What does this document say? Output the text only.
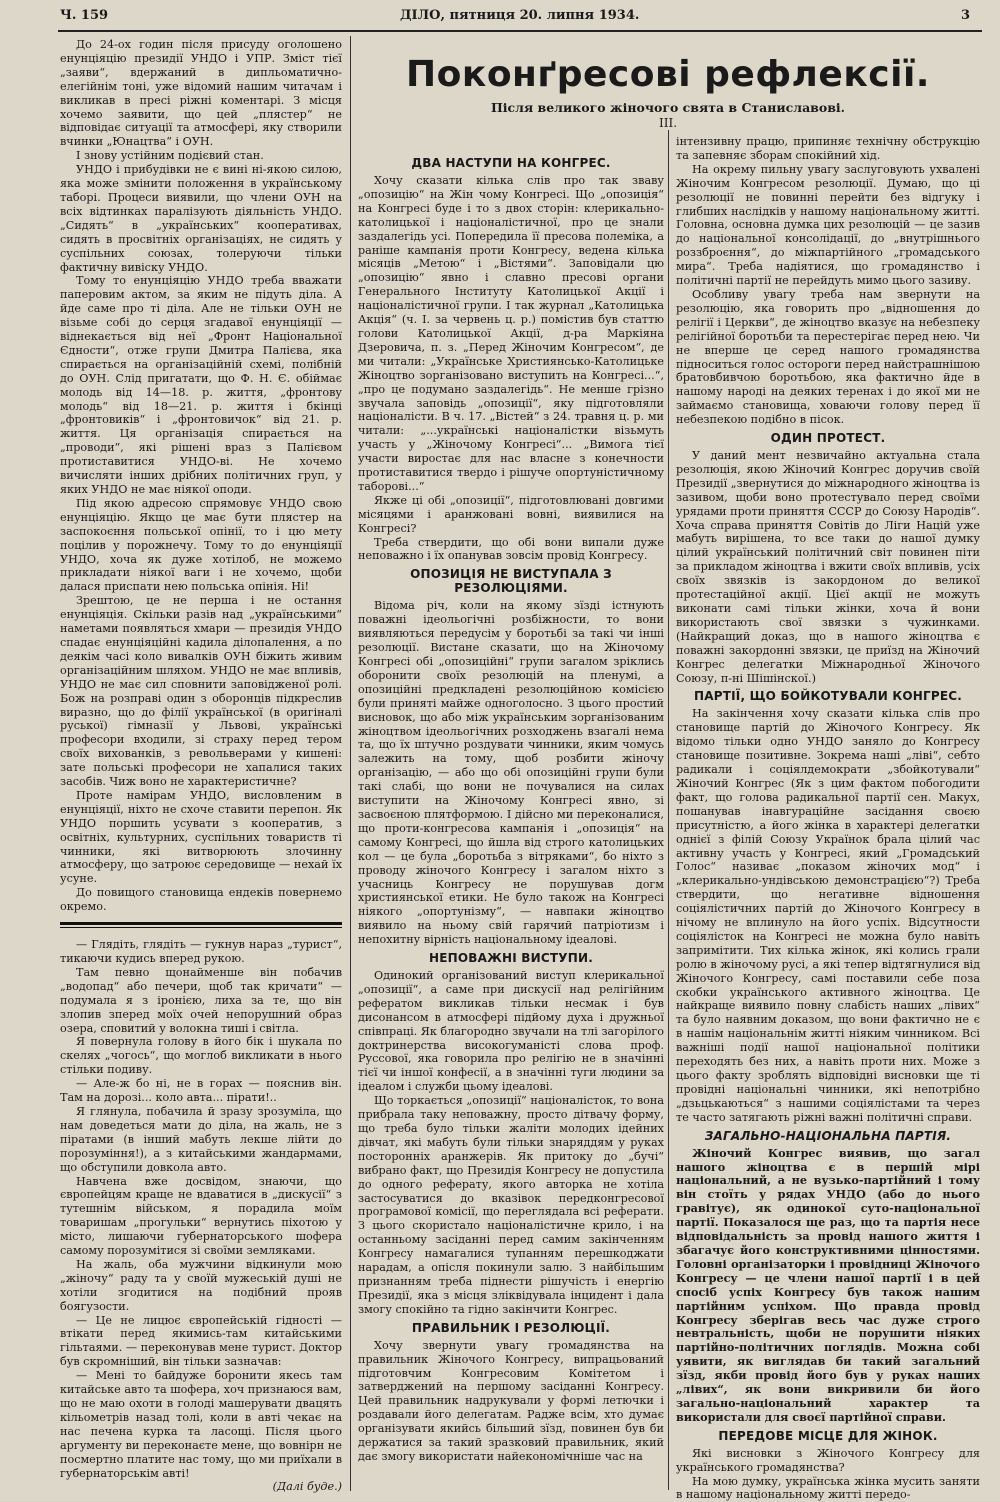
Ч. 159	ДІЛО, пятниця 20. липня 1934.	3
Поконґресові рефлексії.
Після великого жіночого свята в Станиславові.
III.

До 24-ох годин після присуду оголошено енунціяцію президії УНДО і УПР. Зміст тієї „заяви“, вдержаний в дипльоматично-елегійнім тоні, уже відомий нашим читачам і викликав в пресі ріжні коментарі. З місця хочемо заявити, що цей „плястер“ не відповідає ситуації та атмосфері, яку створили вчинки „Юнацтва“ і ОУН.

І знову устійним подієвий стан.

УНДО і прибудівки не є вині ні-якою силою, яка може змінити положення в українському таборі. Процеси виявили, що члени ОУН на всіх відтинках паралізують діяльність УНДО. „Сидять“ в „українських“ кооперативах, сидять в просвітніх організаціях, не сидять у суспільних союзах, толеруючи тільки фактичну вивіску УНДО.

Тому то енунціяцію УНДО треба вважати паперовим актом, за яким не підуть діла. А йде саме про ті діла. Але не тільки ОУН не візьме собі до серця згадавої енунціяції — віднекається від неї „Фронт Національної Єдности“, отже групи Дмитра Палієва, яка спирається на організаційній схемі, полібній до ОУН. Слід пригатати, що Ф. Н. Є. обіймає молодь від 14—18. р. життя, „фронтову молодь“ від 18—21. р. життя і бкінці „фронтовиків“ і „фронтовичок“ від 21. р. життя. Ця організація спирається на „проводи“, які рішені враз з Палієвом протиставитися УНДО-ві. Не хочемо вичисляти інших дрібних політичних груп, у яких УНДО не має ніякої оподи.

Під якою адресою спрямовує УНДО свою енунціяцію. Якщо це має бути плястер на заспокоєння польської опінії, то і цю мету поцілив у порожнечу. Тому то до енунціяції УНДО, хоча як дуже хотілоб, не можемо прикладати ніякої ваги і не хочемо, щоби далася приспати нею польська опінія. Ні!

Зрештою, це не перша і не остання енунціяція. Скільки разів над „українськими“ наметами появляться хмари — президія УНДО спадає енунціяційні кадила ділопалення, а по деякім часі коло вивалків ОУН біжить живим організаційним шляхом. УНДО не має впливів, УНДО не має сил сповнити заповідженої ролі. Бож на розправі один з оборонців підкреслив виразно, що до філії української (в оригіналі руської) гімназії у Львові, українські професори входили, зі страху перед тером своїх вихованків, з револьверами у кишені: зате польські професори не хапалися таких засобів. Чиж воно не характеристичне?

Проте намірам УНДО, висловленим в енунціяції, ніхто не схоче ставити перепон. Як УНДО поршить усувати з кооператив, з освітніх, культурних, суспільних товариств ті чинники, які витворюють злочинну атмосферу, що затроює середовище — нехай їх усуне.

До повищого становища ендеків повернемо окремо.

— Глядіть, глядіть — гукнув нараз „турист“, тикаючи кудись вперед рукою.

Там певно щонайменше він побачив „водопад“ або печери, щоб так кричати“ — подумала я з іронією, лиха за те, що він злопив зперед моїх очей непорушний образ озера, сповитий у волокна тиші і світла.

Я повернула голову в його бік і шукала по скелях „чогось“, що моглоб викликати в нього стільки подиву.

— Але-ж бо ні, не в горах — пояснив він. Там на дорозі... коло авта... пірати!..

Я глянула, побачила й зразу зрозуміла, що нам доведеться мати до діла, на жаль, не з піратами (в інший мабуть лекше лійти до порозуміння!), а з китайськими жандармами, що обступили довкола авто.

Навчена вже досвідом, знаючи, що європейцям краще не вдаватися в „дискусії“ з тутешнім військом, я порадила моїм товаришам „прогульки“ вернутись піхотою у місто, лишаючи губернаторського шофера самому порозумітися зі своїми земляками.

На жаль, оба мужчини відкинули мою „жіночу“ раду та у своїй мужеській душі не хотіли згодитися на подібний прояв боягузости.

— Це не лицює європейській гідності — втікати перед якимись-там китайськими гільтаями. — переконував мене турист. Доктор був скромніший, він тільки зазначав:

— Мені то байдуже боронити якесь там китайське авто та шофера, хоч признаюся вам, що не маю охоти в голоді машерувати двацять кільометрів назад толі, коли в авті чекає на нас печена курка та ласощі. Після цього аргументу ви переконаєте мене, що вовнірн не посмертно платите нас тому, що ми приїхали в губернаторськім авті!

(Далі буде.)

ДВА НАСТУПИ НА КОНГРЕС.

Хочу сказати кілька слів про так зваву „опозицію“ на Жін чому Конгресі. Що „опозиція“ на Конгресі буде і то з двох сторін: клерикально-католицької і націоналістичної, про це знали заздалегідь усі. Попередила її пресова полеміка, а раніше кампанія проти Конгресу, ведена кілька місяців „Метою“ і „Вістями“. Заповідали цю „опозицію“ явно і славно пресові органи Генерального Інституту Католицької Акції і націоналістичної групи. І так журнал „Католицька Акція“ (ч. І. за червень ц. р.) помістив був статтю голови Католицької Акції, д-ра Маркіяна Дзеровича, п. з. „Перед Жіночим Конгресом“, де ми читали: „Українське Християнсько-Католицьке Жіноцтво зорганізовано виступить на Конгресі...“, „про це подумано заздалегідь“. Не менше грізно звучала заповідь „опозиції“, яку підготовляли націоналісти. В ч. 17. „Вістей“ з 24. травня ц. р. ми читали: „...українські націоналістки візьмуть участь у „Жіночому Конгресі“... „Вимога тієї участи виростає для нас власне з конечности протиставитися твердо і рішуче опортуністичному таборові...“

Якже ці обі „опозиції“, підготовлювані довгими місяцями і аранжовані вовні, виявилися на Конгресі?

Треба ствердити, що обі вони випали дуже неповажно і їх опанував зовсім провід Конгресу.

ОПОЗИЦІЯ НЕ ВИСТУПАЛА З РЕЗОЛЮЦІЯМИ.

Відома річ, коли на якому зїзді істнують поважні ідеольогічні розбіжности, то вони виявляються передусім у боротьбі за такі чи інші резолюції. Вистане сказати, що на Жіночому Конгресі обі „опозиційні“ групи загалом зріклись оборонити своїх резолюцій на пленумі, а опозиційні предкладені резолюційною комісією були приняті майже одноголосно. З цього простий висновок, що або між українським зорганізованим жіноцтвом ідеольогічних розходжень взагалі нема та, що їх штучно роздувати чинники, яким чомусь залежить на тому, щоб розбити жіночу організацію, — або що обі опозиційні групи були такі слабі, що вони не почувалися на силах виступити на Жіночому Конгресі явно, зі засвоєною плятформою. І дійсно ми переконалися, що проти-конгресова кампанія і „опозиція“ на самому Конгресі, що йшла від строго католицьких кол — це була „боротьба з вітряками“, бо ніхто з проводу жіночого Конгресу і загалом ніхто з учасниць Конгресу не порушував догм християнської етики. Не було також на Конгресі ніякого „опортунізму“, — навпаки жіноцтво виявило на ньому свій гарячий патріотизм і непохитну вірність національному ідеалові.

НЕПОВАЖНІ ВИСТУПИ.

Одинокий організований виступ клерикальної „опозиції“, а саме при дискусії над релігійним рефератом викликав тільки несмак і був дисонансом в атмосфері підйому духа і дружньої співпраці. Як благородно звучали на тлі загорілого доктринерства високогуманісті слова проф. Руссової, яка говорила про релігію не в значінні тієї чи іншої конфесії, а в значінні туги людини за ідеалом і служби цьому ідеалові.

Що торкається „опозиції“ націоналісток, то вона прибрала таку неповажну, просто дітвачу форму, що треба було тільки жаліти молодих ідейних дівчат, які мабуть були тільки знаряддям у руках посторонніх аранжерів. Як притоку до „бучі“ вибрано факт, що Президія Конгресу не допустила до одного реферату, якого авторка не хотіла застосуватися до вказівок передконгресової програмової комісії, що переглядала всі реферати. З цього скористало націоналістичне крило, і на останньому засіданні перед самим закінченням Конгресу намагалися тупанням перешкоджати нарадам, а опісля покинули залю. З найбільшим признанням треба піднести рішучість і енергію Президії, яка з місця зліквідувала інцидент і дала змогу спокійно та гідно закінчити Конгрес.

ПРАВИЛЬНИК І РЕЗОЛЮЦІЇ.

Хочу звернути увагу громадянства на правильник Жіночого Конгресу, випрацьований підготовчим Конгресовим Комітетом і затверджений на першому засіданні Конгресу. Цей правильник надрукували у формі летючки і роздавали його делегатам. Радже всім, хто думає організувати якийсь більший зїзд, повинен був би держатися за такий зразковий правильник, який дає змогу використати найекономічніше час на

інтензивну працю, припиняє технічну обструкцію та запевняє зборам спокійний хід.

На окрему пильну увагу заслуговують ухвалені Жіночим Конгресом резолюції. Думаю, що ці резолюції не повинні перейти без відгуку і глибших наслідків у нашому національному житті. Головна, основна думка цих резолюцій — це зазив до національної консолідації, до „внутрішнього роззброєння“, до міжпартійного „громадського мира“. Треба надіятися, що громадянство і політичні партії не перейдуть мимо цього зазиву.

Особливу увагу треба нам звернути на резолюцію, яка говорить про „відношення до релігії і Церкви“, де жіноцтво вказує на небезпеку релігійної боротьби та перестерігає перед нею. Чи не вперше це серед нашого громадянства підноситься голос остороги перед найстрашнішою братовбивчою боротьбою, яка фактично йде в нашому народі на деяких теренах і до якої ми не займаємо становища, ховаючи голову перед її небезпекою подібно в пісок.

ОДИН ПРОТЕСТ.

У даний мент незвичайно актуальна стала резолюція, якою Жіночий Конгрес доручив своїй Президії „звернутися до міжнародного жіноцтва із зазивом, щоби воно протестувало перед своїми урядами проти приняття СССР до Союзу Народів“. Хоча справа приняття Совітів до Ліги Націй уже мабуть вирішена, то все таки до нашої думку цілий український політичний світ повинен піти за прикладом жіноцтва і вжити своїх впливів, усіх своїх звязків із закордоном до великої протестаційної акції. Цієї акції не можуть виконати самі тільки жінки, хоча й вони використають свої звязки з чужинками. (Найкращий доказ, що в нашого жіноцтва є поважні закордонні звязки, це приїзд на Жіночий Конгрес делегатки Міжнародньої Жіночого Союзу, п-ні Шішінскої.)

ПАРТІЇ, ЩО БОЙКОТУВАЛИ КОНГРЕС.

На закінчення хочу сказати кілька слів про становище партій до Жіночого Конгресу. Як відомо тільки одно УНДО заняло до Конгресу становище позитивне. Зокрема наші „ліві“, себто радикали і соціялдемократи „збойкотували“ Жіночий Конгрес (Як з цим фактом побогодити факт, що голова радикальної партії сен. Макух, пошанував інавгураційне засідання своєю присутністю, а його жінка в характері делегатки однієї з філій Союзу Українок брала цілий час активну участь у Конгресі, який „Громадський Голос“ називає „показом жіночих мод“ і „клерикально-ундівською демонстрацією“?) Треба ствердити, що негативне відношення соціялістичних партій до Жіночого Конгресу в нічому не вплинуло на його успіх. Відсутности соціялісток на Конгресі не можна було навіть запримітити. Тих кілька жінок, які колись грали ролю в жіночому русі, а які тепер відтягнулися від Жіночого Конгресу, самі поставили себе поза скобки українського активного жіноцтва. Це найкраще виявило повну слабість наших „лівих“ та було наявним доказом, що вони фактично не є в нашім національнім житті ніяким чинником. Всі важніші події нашої національної політики переходять без них, а навіть проти них. Може з цього факту зроблять відповідні висновки ще ті провідні національні чинники, які непотрібно „дзьцькаються“ з нашими соціялістами та через те часто затягають ріжні важні політичні справи.

ЗАГАЛЬНО-НАЦІОНАЛЬНА ПАРТІЯ.

Жіночий Конгрес виявив, що загал нашого жіноцтва є в першій мірі національний, а не вузько-партійний і тому він стоїть у рядах УНДО (або до нього гравітує), як одинокої суто-національної партії. Показалося ще раз, що та партія несе відповідальність за провід нашого життя і збагачує його конструктивними цінностями. Головні організаторки і провідниці Жіночого Конгресу — це члени нашої партії і в цей спосіб успіх Конгресу був також нашим партійним успіхом. Що правда провід Конгресу зберігав весь час дуже строго невтральність, щоби не порушити ніяких партійно-політичних поглядів. Можна собі уявити, як виглядав би такий загальний зїзд, якби провід його був у руках наших „лівих“, як вони викривили би його загально-національний характер та використали для своєї партійної справи.

ПЕРЕДОВЕ МІСЦЕ ДЛЯ ЖІНОК.

Які висновки з Жіночого Конгресу для українського громадянства?

На мою думку, українська жінка мусить заняти в нашому національному житті передо-
